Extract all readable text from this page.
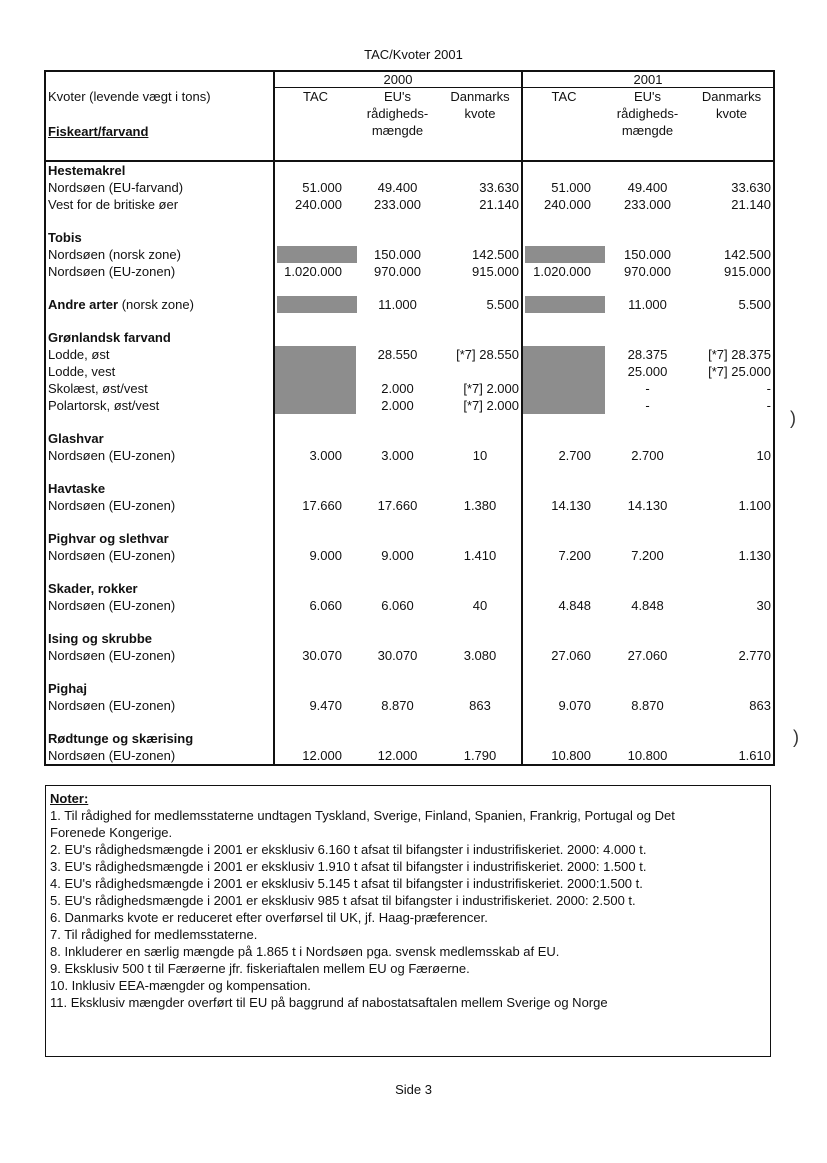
TAC/Kvoter 2001
	2000			2001		
Kvoter (levende vægt i tons)
Fiskeart/farvand	TAC	EU's rådigheds-mængde	Danmarks kvote	TAC	EU's rådigheds-mængde	Danmarks kvote
Hestemakrel						
Nordsøen (EU-farvand)	51.000	49.400	33.630	51.000	49.400	33.630
Vest for de britiske øer	240.000	233.000	21.140	240.000	233.000	21.140

Tobis						
Nordsøen (norsk zone)		150.000	142.500		150.000	142.500
Nordsøen (EU-zonen)	1.020.000	970.000	915.000	1.020.000	970.000	915.000

Andre arter (norsk zone)		11.000	5.500		11.000	5.500

Grønlandsk farvand						
Lodde, øst		28.550	[*7] 28.550		28.375	[*7] 28.375
Lodde, vest					25.000	[*7] 25.000
Skolæst, øst/vest		2.000	[*7] 2.000		-	-
Polartorsk, øst/vest		2.000	[*7] 2.000		-	-

Glashvar						
Nordsøen (EU-zonen)	3.000	3.000	10	2.700	2.700	10

Havtaske						
Nordsøen (EU-zonen)	17.660	17.660	1.380	14.130	14.130	1.100

Pighvar og slethvar						
Nordsøen (EU-zonen)	9.000	9.000	1.410	7.200	7.200	1.130

Skader, rokker						
Nordsøen (EU-zonen)	6.060	6.060	40	4.848	4.848	30

Ising og skrubbe						
Nordsøen (EU-zonen)	30.070	30.070	3.080	27.060	27.060	2.770

Pighaj						
Nordsøen (EU-zonen)	9.470	8.870	863	9.070	8.870	863

Rødtunge og skærising						
Nordsøen (EU-zonen)	12.000	12.000	1.790	10.800	10.800	1.610
Noter:
1. Til rådighed for medlemsstaterne undtagen Tyskland, Sverige, Finland, Spanien, Frankrig, Portugal og Det
Forenede Kongerige.
2. EU's rådighedsmængde i 2001 er eksklusiv 6.160 t afsat til bifangster i industrifiskeriet. 2000: 4.000 t.
3. EU's rådighedsmængde i 2001 er eksklusiv 1.910 t afsat til bifangster i industrifiskeriet. 2000: 1.500 t.
4. EU's rådighedsmængde i 2001 er eksklusiv 5.145 t afsat til bifangster i industrifiskeriet. 2000:1.500 t.
5. EU's rådighedsmængde i 2001 er eksklusiv 985 t afsat til bifangster i industrifiskeriet. 2000: 2.500 t.
6. Danmarks kvote er reduceret efter overførsel til UK, jf. Haag-præferencer.
7. Til rådighed for medlemsstaterne.
8. Inkluderer en særlig mængde på 1.865 t i Nordsøen pga. svensk medlemsskab af EU.
9. Eksklusiv 500 t til Færøerne jfr. fiskeriaftalen mellem EU og Færøerne.
10. Inklusiv EEA-mængder og kompensation.
11. Eksklusiv mængder overført til EU på baggrund af nabostatsaftalen mellem Sverige og Norge
)
)
Side 3
